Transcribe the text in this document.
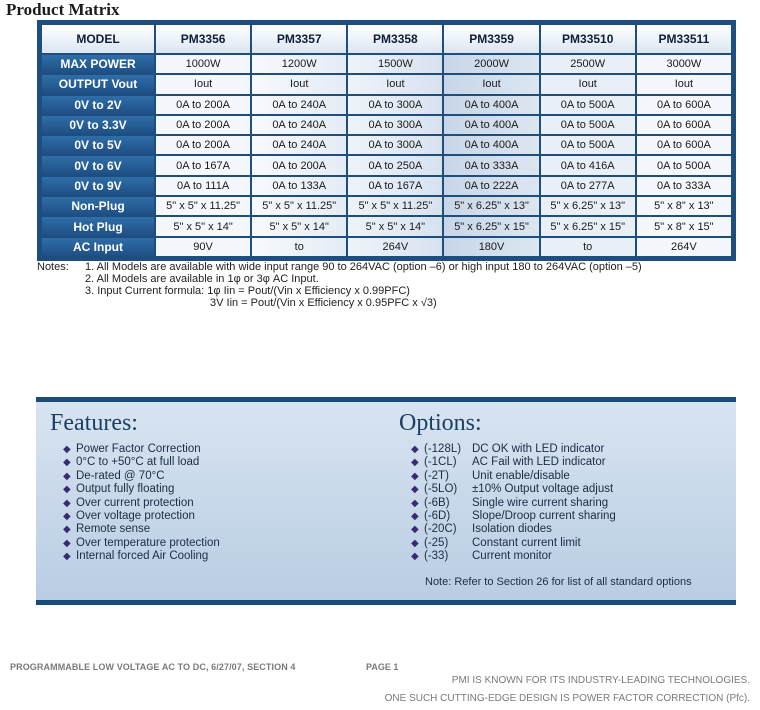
Product Matrix
MODEL	PM3356	PM3357	PM3358	PM3359	PM33510	PM33511
MAX POWER	1000W	1200W	1500W	2000W	2500W	3000W
OUTPUT Vout	Iout	Iout	Iout	Iout	Iout	Iout
0V to 2V	0A to 200A	0A to 240A	0A to 300A	0A to 400A	0A to 500A	0A to 600A
0V to 3.3V	0A to 200A	0A to 240A	0A to 300A	0A to 400A	0A to 500A	0A to 600A
0V to 5V	0A to 200A	0A to 240A	0A to 300A	0A to 400A	0A to 500A	0A to 600A
0V to 6V	0A to 167A	0A to 200A	0A to 250A	0A to 333A	0A to 416A	0A to 500A
0V to 9V	0A to 111A	0A to 133A	0A to 167A	0A to 222A	0A to 277A	0A to 333A
Non-Plug	5" x 5" x 11.25"	5" x 5" x 11.25"	5" x 5" x 11.25"	5" x 6.25" x 13"	5" x 6.25" x 13"	5" x 8" x 13"
Hot Plug	5" x 5" x 14"	5" x 5" x 14"	5" x 5" x 14"	5" x 6.25" x 15"	5" x 6.25" x 15"	5" x 8" x 15"
AC Input	90V	to	264V	180V	to	264V
Notes: 1. All Models are available with wide input range 90 to 264VAC (option –6) or high input 180 to 264VAC (option –5)
2. All Models are available in 1φ or 3φ AC Input.
3. Input Current formula: 1φ Iin = Pout/(Vin x Efficiency x 0.99PFC)
3V Iin = Pout/(Vin x Efficiency x 0.95PFC x √3)
Features:
◆ Power Factor Correction
◆ 0°C to +50°C at full load
◆ De-rated @ 70°C
◆ Output fully floating
◆ Over current protection
◆ Over voltage protection
◆ Remote sense
◆ Over temperature protection
◆ Internal forced Air Cooling
Options:
◆ (-128L) DC OK with LED indicator
◆ (-1CL) AC Fail with LED indicator
◆ (-2T) Unit enable/disable
◆ (-5LO) ±10% Output voltage adjust
◆ (-6B) Single wire current sharing
◆ (-6D) Slope/Droop current sharing
◆ (-20C) Isolation diodes
◆ (-25) Constant current limit
◆ (-33) Current monitor
Note: Refer to Section 26 for list of all standard options
PROGRAMMABLE LOW VOLTAGE AC TO DC, 6/27/07, SECTION 4	PAGE 1
PMI IS KNOWN FOR ITS INDUSTRY-LEADING TECHNOLOGIES.
ONE SUCH CUTTING-EDGE DESIGN IS POWER FACTOR CORRECTION (Pfc).
